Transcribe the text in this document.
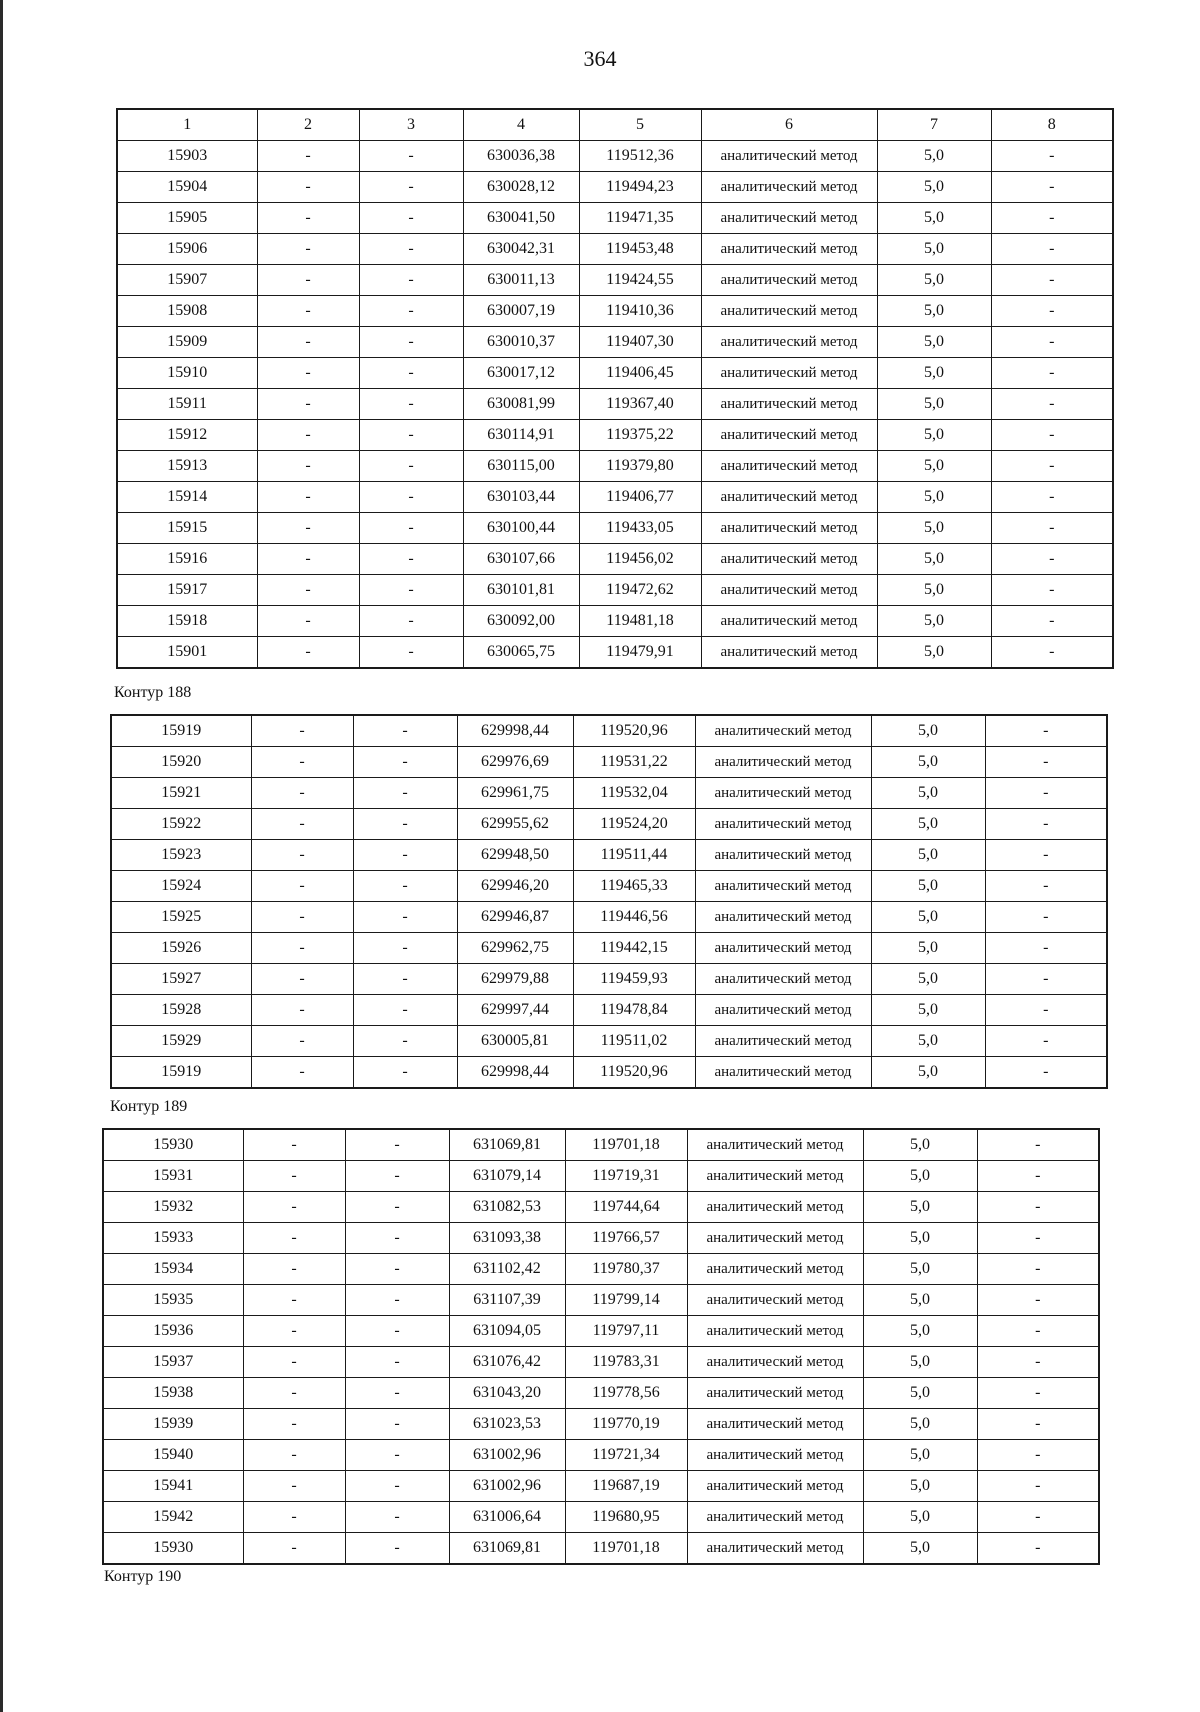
364
1	2	3	4	5	6	7	8
15903	-	-	630036,38	119512,36	аналитический метод	5,0	-
15904	-	-	630028,12	119494,23	аналитический метод	5,0	-
15905	-	-	630041,50	119471,35	аналитический метод	5,0	-
15906	-	-	630042,31	119453,48	аналитический метод	5,0	-
15907	-	-	630011,13	119424,55	аналитический метод	5,0	-
15908	-	-	630007,19	119410,36	аналитический метод	5,0	-
15909	-	-	630010,37	119407,30	аналитический метод	5,0	-
15910	-	-	630017,12	119406,45	аналитический метод	5,0	-
15911	-	-	630081,99	119367,40	аналитический метод	5,0	-
15912	-	-	630114,91	119375,22	аналитический метод	5,0	-
15913	-	-	630115,00	119379,80	аналитический метод	5,0	-
15914	-	-	630103,44	119406,77	аналитический метод	5,0	-
15915	-	-	630100,44	119433,05	аналитический метод	5,0	-
15916	-	-	630107,66	119456,02	аналитический метод	5,0	-
15917	-	-	630101,81	119472,62	аналитический метод	5,0	-
15918	-	-	630092,00	119481,18	аналитический метод	5,0	-
15901	-	-	630065,75	119479,91	аналитический метод	5,0	-
Контур 188
15919	-	-	629998,44	119520,96	аналитический метод	5,0	-
15920	-	-	629976,69	119531,22	аналитический метод	5,0	-
15921	-	-	629961,75	119532,04	аналитический метод	5,0	-
15922	-	-	629955,62	119524,20	аналитический метод	5,0	-
15923	-	-	629948,50	119511,44	аналитический метод	5,0	-
15924	-	-	629946,20	119465,33	аналитический метод	5,0	-
15925	-	-	629946,87	119446,56	аналитический метод	5,0	-
15926	-	-	629962,75	119442,15	аналитический метод	5,0	-
15927	-	-	629979,88	119459,93	аналитический метод	5,0	-
15928	-	-	629997,44	119478,84	аналитический метод	5,0	-
15929	-	-	630005,81	119511,02	аналитический метод	5,0	-
15919	-	-	629998,44	119520,96	аналитический метод	5,0	-
Контур 189
15930	-	-	631069,81	119701,18	аналитический метод	5,0	-
15931	-	-	631079,14	119719,31	аналитический метод	5,0	-
15932	-	-	631082,53	119744,64	аналитический метод	5,0	-
15933	-	-	631093,38	119766,57	аналитический метод	5,0	-
15934	-	-	631102,42	119780,37	аналитический метод	5,0	-
15935	-	-	631107,39	119799,14	аналитический метод	5,0	-
15936	-	-	631094,05	119797,11	аналитический метод	5,0	-
15937	-	-	631076,42	119783,31	аналитический метод	5,0	-
15938	-	-	631043,20	119778,56	аналитический метод	5,0	-
15939	-	-	631023,53	119770,19	аналитический метод	5,0	-
15940	-	-	631002,96	119721,34	аналитический метод	5,0	-
15941	-	-	631002,96	119687,19	аналитический метод	5,0	-
15942	-	-	631006,64	119680,95	аналитический метод	5,0	-
15930	-	-	631069,81	119701,18	аналитический метод	5,0	-
Контур 190
